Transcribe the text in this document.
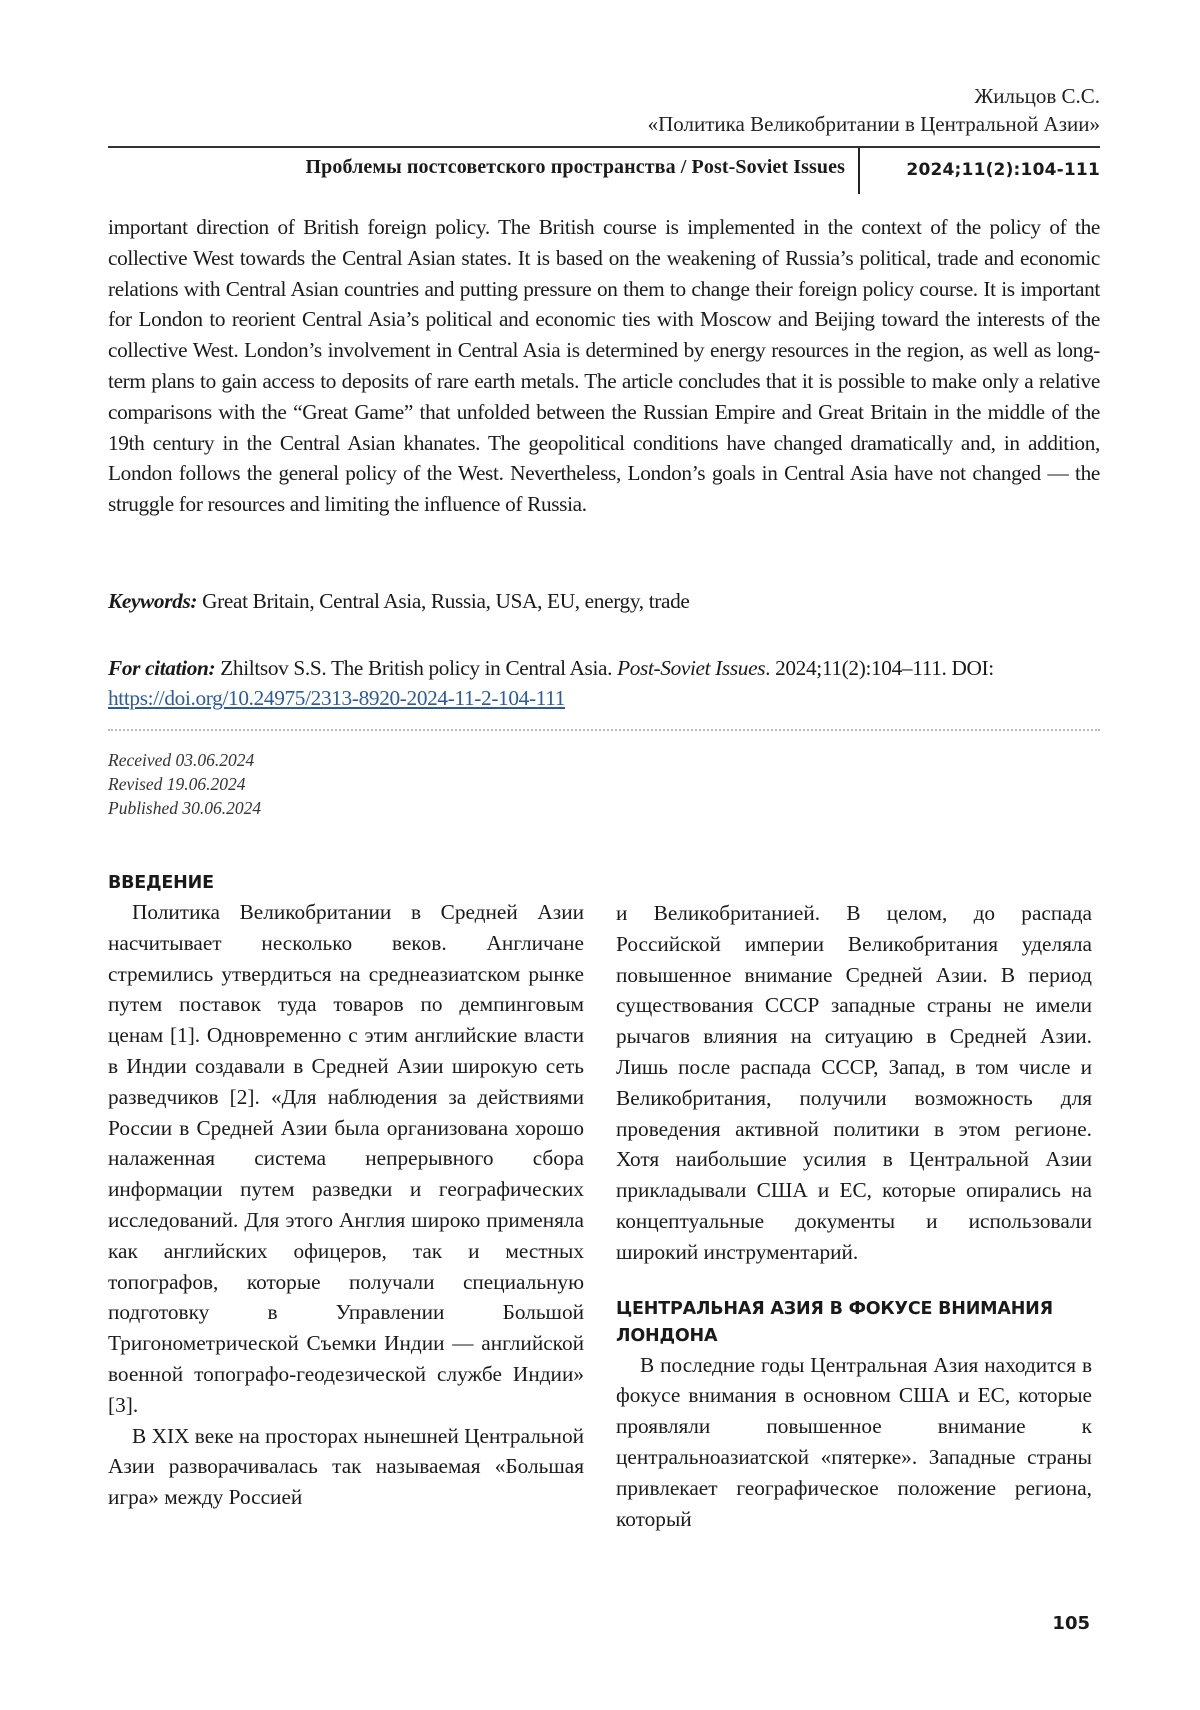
Жильцов С.С.
«Политика Великобритании в Центральной Азии»
Проблемы постсоветского пространства / Post-Soviet Issues	2024;11(2):104-111

important direction of British foreign policy. The British course is implemented in the context of the policy of the collective West towards the Central Asian states. It is based on the weakening of Russia’s political, trade and economic relations with Central Asian countries and putting pressure on them to change their foreign policy course. It is important for London to reorient Central Asia’s political and economic ties with Moscow and Beijing toward the interests of the collective West. London’s involvement in Central Asia is determined by energy resources in the region, as well as long-term plans to gain access to deposits of rare earth metals. The article concludes that it is possible to make only a relative comparisons with the “Great Game” that unfolded between the Russian Empire and Great Britain in the middle of the 19th century in the Central Asian khanates. The geopolitical conditions have changed dramatically and, in addition, London follows the general policy of the West. Nevertheless, London’s goals in Central Asia have not changed — the struggle for resources and limiting the influence of Russia.

Keywords: Great Britain, Central Asia, Russia, USA, EU, energy, trade
For citation: Zhiltsov S.S. The British policy in Central Asia. Post-Soviet Issues. 2024;11(2):104–111. DOI: https://doi.org/10.24975/2313-8920-2024-11-2-104-111
Received 03.06.2024
Revised 19.06.2024
Published 30.06.2024
ВВЕДЕНИЕ

Политика Великобритании в Средней Азии насчитывает несколько веков. Англичане стремились утвердиться на среднеазиатском рынке путем поставок туда товаров по демпинговым ценам [1]. Одновременно с этим английские власти в Индии создавали в Средней Азии широкую сеть разведчиков [2]. «Для наблюдения за действиями России в Средней Азии была организована хорошо налаженная система непрерывного сбора информации путем разведки и географических исследований. Для этого Англия широко применяла как английских офицеров, так и местных топографов, которые получали специальную подготовку в Управлении Большой Тригонометрической Съемки Индии — английской военной топографо-геодезической службе Индии» [3].

В XIX веке на просторах нынешней Центральной Азии разворачивалась так называемая «Большая игра» между Россией

и Великобританией. В целом, до распада Российской империи Великобритания уделяла повышенное внимание Средней Азии. В период существования СССР западные страны не имели рычагов влияния на ситуацию в Средней Азии. Лишь после распада СССР, Запад, в том числе и Великобритания, получили возможность для проведения активной политики в этом регионе. Хотя наибольшие усилия в Центральной Азии прикладывали США и ЕС, которые опирались на концептуальные документы и использовали широкий инструментарий.

ЦЕНТРАЛЬНАЯ АЗИЯ В ФОКУСЕ ВНИМАНИЯ ЛОНДОНА

В последние годы Центральная Азия находится в фокусе внимания в основном США и ЕС, которые проявляли повышенное внимание к центральноазиатской «пятерке». Западные страны привлекает географическое положение региона, который

105
